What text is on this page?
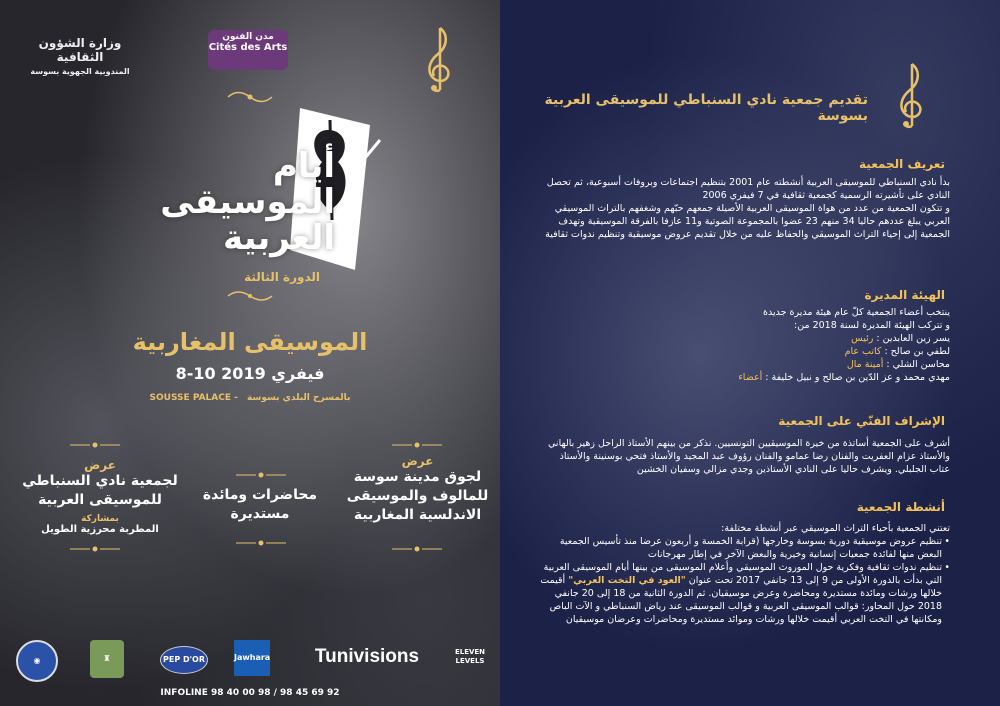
وزارة الشؤون الثقافية
المندوبية الجهوية بسوسة
مدن الفنون
Cités des Arts
أيام
الموسيقى
العربية
الدورة الثالثة
الموسيقى المغاربية
8-10 فيفري 2019
SOUSSE PALACE - بالمسرح البلدي بسوسة
عرض
لجوق مدينة سوسة للمالوف والموسيقى الاندلسية المغاربية
محاضرات ومائدة مستديرة
عرض
لجمعية نادي السنباطي للموسيقى العربية
بمشاركة
المطربة محرزية الطويل
◉	♜	PEP D'OR	Jawhara	Tunivisions	ELEVEN LEVELS
INFOLINE 98 40 00 98 / 98 45 69 92
تقديم جمعية نادي السنباطي للموسيقى العربية بسوسة
تعريف الجمعية

بدأ نادي السنباطي للموسيقى العربية أنشطته عام 2001 بتنظيم اجتماعات وبروفات أسبوعية، ثم تحصل النادي على تأشيرته الرسمية كجمعية ثقافية في 7 فيفري 2006

و تتكون الجمعية من عدد من هواة الموسيقى العربية الأصيلة جمعهم حبّهم وشغفهم بالتراث الموسيقي العربي يبلغ عددهم حاليا 34 منهم 23 عضوا بالمجموعة الصوتية و11 عازفا بالفرقة الموسيقية وتهدف الجمعية إلى إحياء التراث الموسيقي والحفاظ عليه من خلال تقديم عروض موسيقية وتنظيم ندوات ثقافية

الهيئة المديرة
ينتخب أعضاء الجمعية كلّ عام هيئة مديرة جديدة
و تتركب الهيئة المديرة لسنة 2018 من:
يسر زين العابدين : رئيس
لطفي بن صالح : كاتب عام
محاسن الشلي : أمينة مال
مهدي محمد و عز الدّين بن صالح و نبيل خليفة : أعضاء
الإشراف الفنّي على الجمعية
أشرف على الجمعية أساتذة من خيرة الموسيقيين التونسيين. نذكر من بينهم الأستاذ الراحل زهير بالهاني والأستاذ عزام العفريت والفنان رضا عمامو والفنان رؤوف عبد المجيد والأستاذ فتحي بوسنينة والأستاذ عتاب الجلبلي. ويشرف حاليا على النادي الأستاذين وجدي مزالي وسفيان الخشين
أنشطة الجمعية

تعتني الجمعية بأحياء التراث الموسيقي عبر أنشطة مختلفة:

• تنظيم عروض موسيقية دورية بسوسة وخارجها (قرابة الخمسة و أربعون عرضا منذ تأسيس الجمعية البعض منها لفائدة جمعيات إنسانية وخيرية والبعض الآخر في إطار مهرجانات

• تنظيم ندوات ثقافية وفكرية حول الموروث الموسيقي وأعلام الموسيقى من بينها أيام الموسيقى العربية التي بدأت بالدورة الأولى من 9 إلى 13 جانفي 2017 تحت عنوان "العود في التخت العربي" أقيمت خلالها ورشات ومائدة مستديرة ومحاضرة وعرض موسيقيان. ثم الدورة الثانية من 18 إلى 20 جانفي 2018 حول المحاور: قوالب الموسيقى العربية و قوالب الموسيقى عند رياض السنباطي و الآت الباص ومكانتها في التخت العربي أقيمت خلالها ورشات وموائد مستديرة ومحاضرات وعرضان موسيقيان
